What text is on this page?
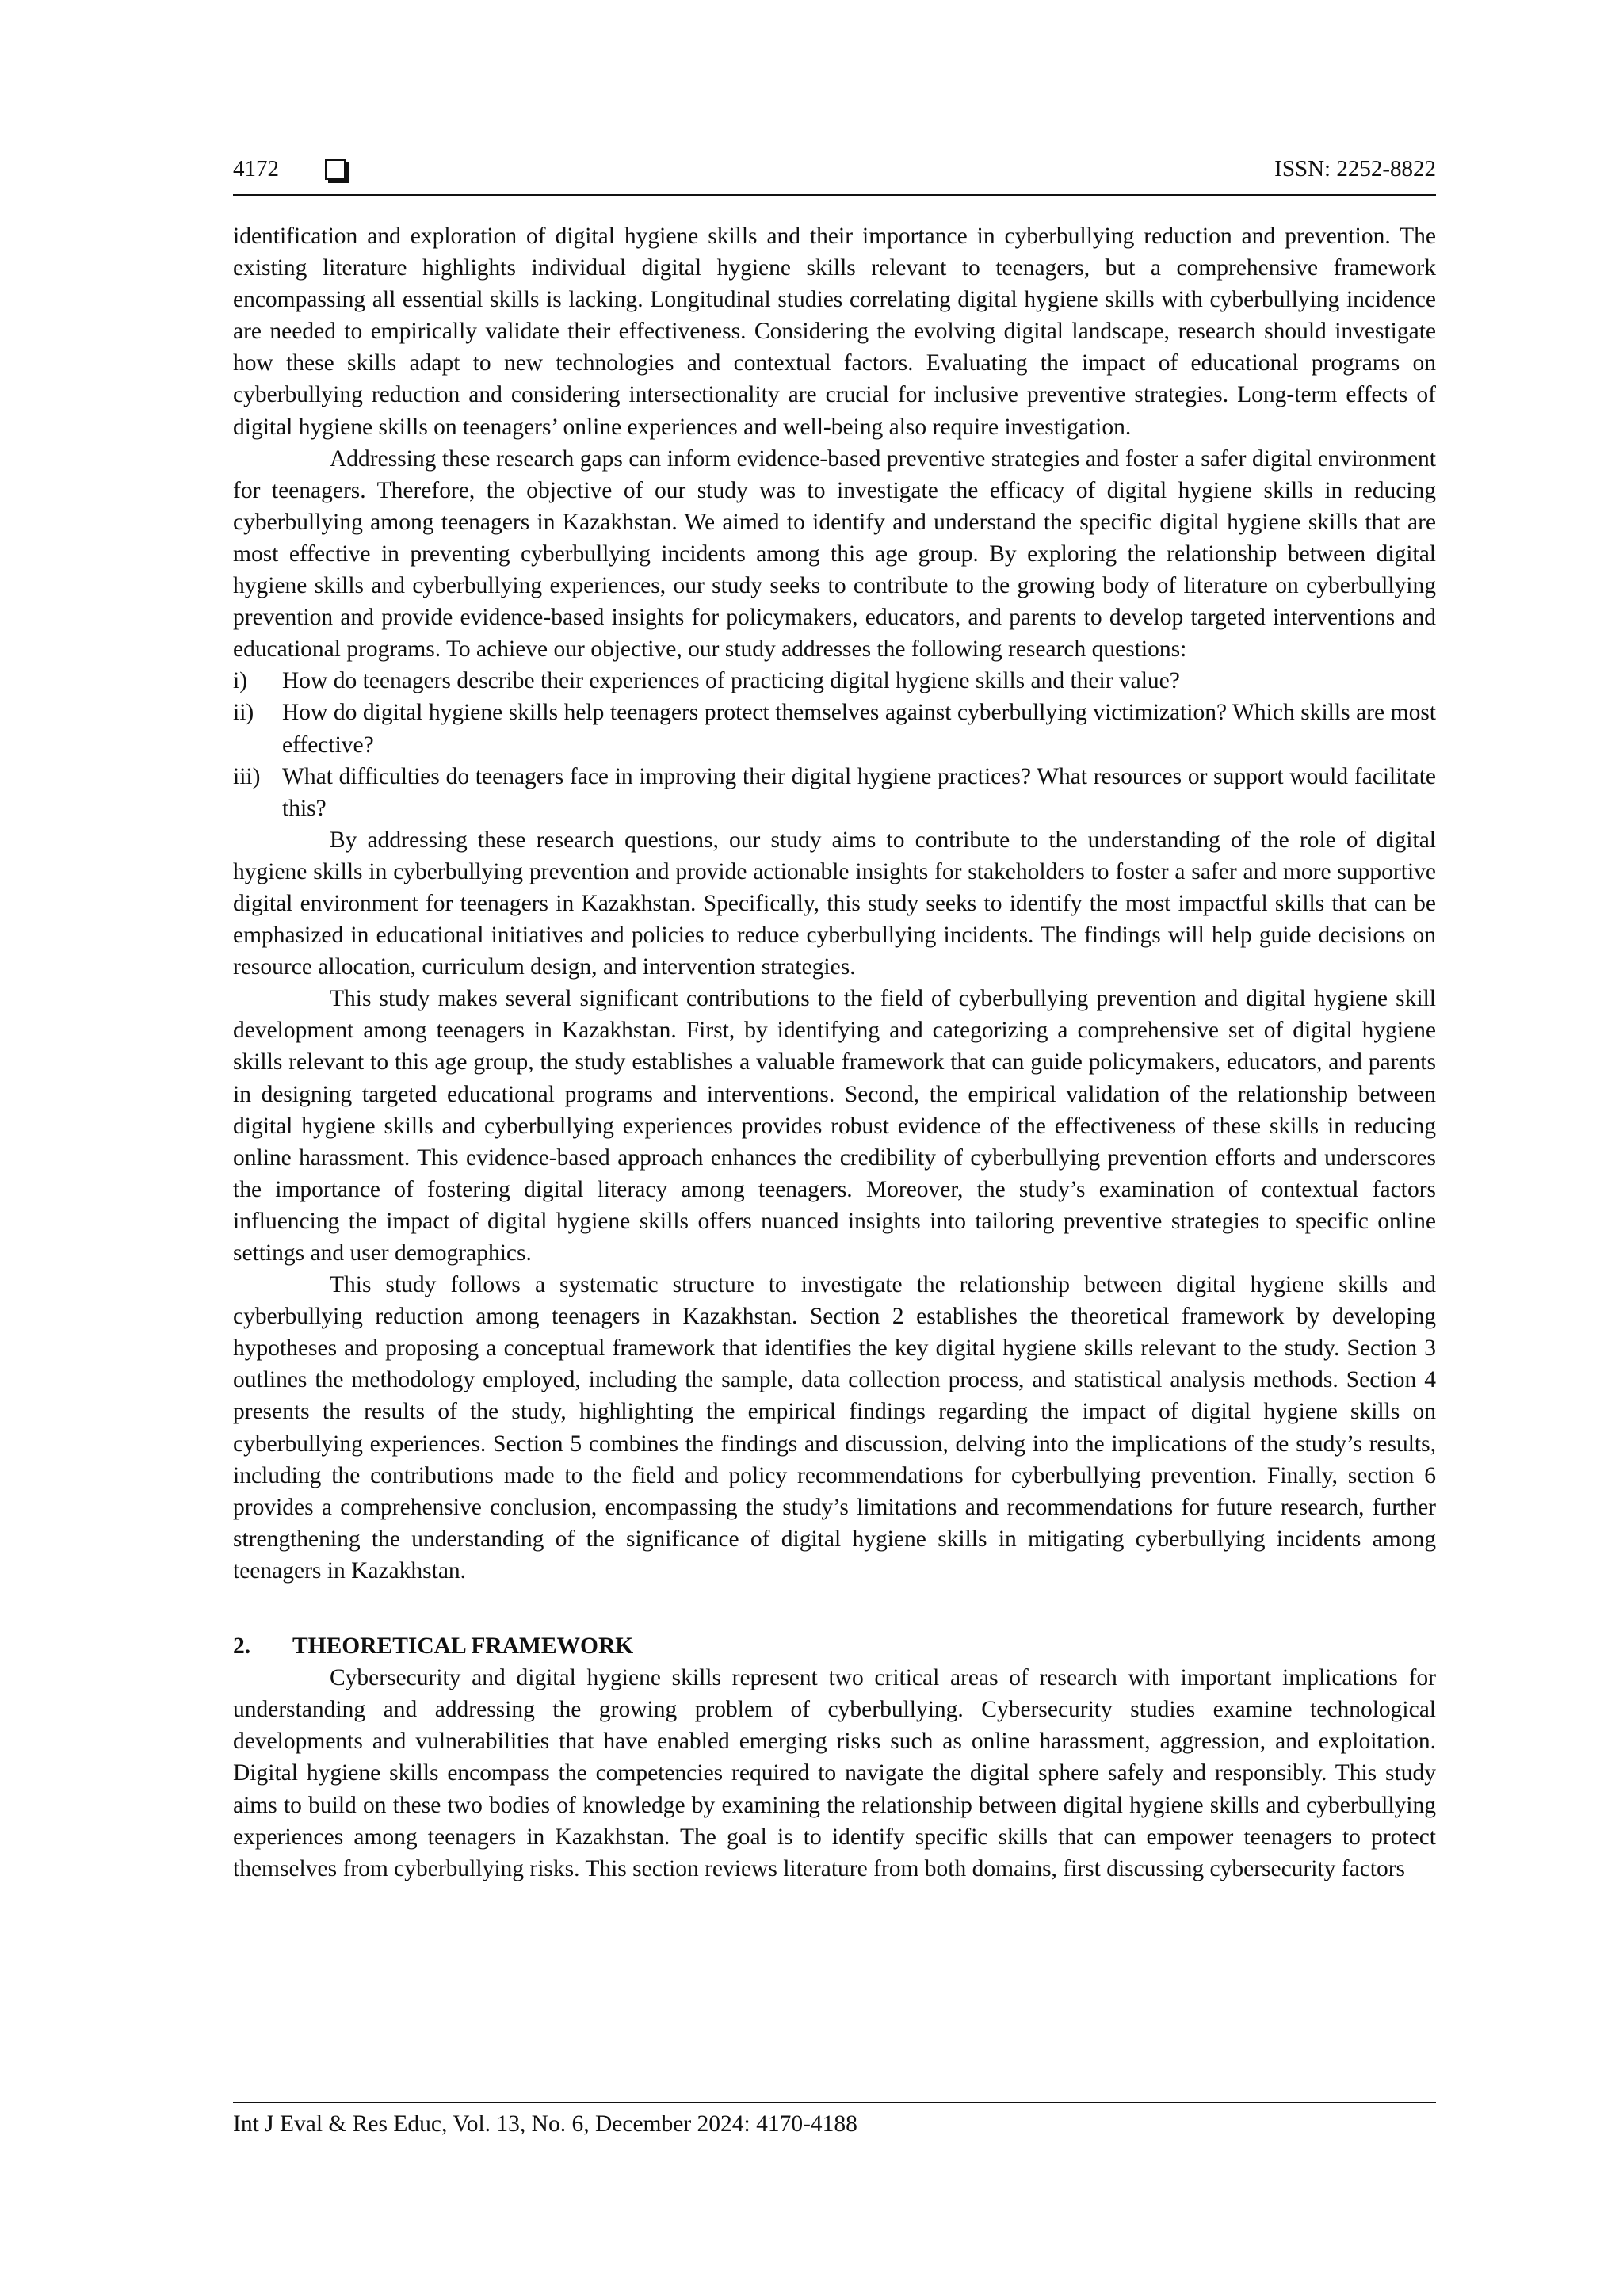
4172	ISSN: 2252-8822

identification and exploration of digital hygiene skills and their importance in cyberbullying reduction and prevention. The existing literature highlights individual digital hygiene skills relevant to teenagers, but a comprehensive framework encompassing all essential skills is lacking. Longitudinal studies correlating digital hygiene skills with cyberbullying incidence are needed to empirically validate their effectiveness. Considering the evolving digital landscape, research should investigate how these skills adapt to new technologies and contextual factors. Evaluating the impact of educational programs on cyberbullying reduction and considering intersectionality are crucial for inclusive preventive strategies. Long-term effects of digital hygiene skills on teenagers’ online experiences and well-being also require investigation.

Addressing these research gaps can inform evidence-based preventive strategies and foster a safer digital environment for teenagers. Therefore, the objective of our study was to investigate the efficacy of digital hygiene skills in reducing cyberbullying among teenagers in Kazakhstan. We aimed to identify and understand the specific digital hygiene skills that are most effective in preventing cyberbullying incidents among this age group. By exploring the relationship between digital hygiene skills and cyberbullying experiences, our study seeks to contribute to the growing body of literature on cyberbullying prevention and provide evidence-based insights for policymakers, educators, and parents to develop targeted interventions and educational programs. To achieve our objective, our study addresses the following research questions:

i) How do teenagers describe their experiences of practicing digital hygiene skills and their value?
ii) How do digital hygiene skills help teenagers protect themselves against cyberbullying victimization? Which skills are most effective?
iii) What difficulties do teenagers face in improving their digital hygiene practices? What resources or support would facilitate this?

By addressing these research questions, our study aims to contribute to the understanding of the role of digital hygiene skills in cyberbullying prevention and provide actionable insights for stakeholders to foster a safer and more supportive digital environment for teenagers in Kazakhstan. Specifically, this study seeks to identify the most impactful skills that can be emphasized in educational initiatives and policies to reduce cyberbullying incidents. The findings will help guide decisions on resource allocation, curriculum design, and intervention strategies.

This study makes several significant contributions to the field of cyberbullying prevention and digital hygiene skill development among teenagers in Kazakhstan. First, by identifying and categorizing a comprehensive set of digital hygiene skills relevant to this age group, the study establishes a valuable framework that can guide policymakers, educators, and parents in designing targeted educational programs and interventions. Second, the empirical validation of the relationship between digital hygiene skills and cyberbullying experiences provides robust evidence of the effectiveness of these skills in reducing online harassment. This evidence-based approach enhances the credibility of cyberbullying prevention efforts and underscores the importance of fostering digital literacy among teenagers. Moreover, the study’s examination of contextual factors influencing the impact of digital hygiene skills offers nuanced insights into tailoring preventive strategies to specific online settings and user demographics.

This study follows a systematic structure to investigate the relationship between digital hygiene skills and cyberbullying reduction among teenagers in Kazakhstan. Section 2 establishes the theoretical framework by developing hypotheses and proposing a conceptual framework that identifies the key digital hygiene skills relevant to the study. Section 3 outlines the methodology employed, including the sample, data collection process, and statistical analysis methods. Section 4 presents the results of the study, highlighting the empirical findings regarding the impact of digital hygiene skills on cyberbullying experiences. Section 5 combines the findings and discussion, delving into the implications of the study’s results, including the contributions made to the field and policy recommendations for cyberbullying prevention. Finally, section 6 provides a comprehensive conclusion, encompassing the study’s limitations and recommendations for future research, further strengthening the understanding of the significance of digital hygiene skills in mitigating cyberbullying incidents among teenagers in Kazakhstan.

2. THEORETICAL FRAMEWORK

Cybersecurity and digital hygiene skills represent two critical areas of research with important implications for understanding and addressing the growing problem of cyberbullying. Cybersecurity studies examine technological developments and vulnerabilities that have enabled emerging risks such as online harassment, aggression, and exploitation. Digital hygiene skills encompass the competencies required to navigate the digital sphere safely and responsibly. This study aims to build on these two bodies of knowledge by examining the relationship between digital hygiene skills and cyberbullying experiences among teenagers in Kazakhstan. The goal is to identify specific skills that can empower teenagers to protect themselves from cyberbullying risks. This section reviews literature from both domains, first discussing cybersecurity factors

Int J Eval & Res Educ, Vol. 13, No. 6, December 2024: 4170-4188
